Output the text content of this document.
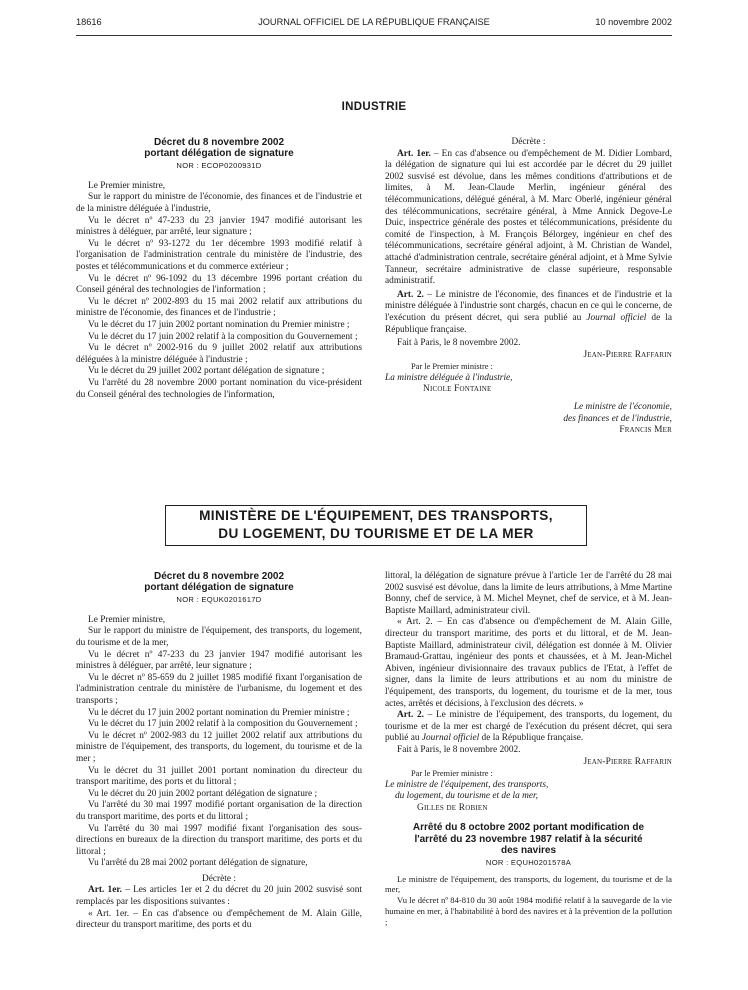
18616	JOURNAL OFFICIEL DE LA RÉPUBLIQUE FRANÇAISE	10 novembre 2002
INDUSTRIE

Décret du 8 novembre 2002
portant délégation de signature

NOR : ECOP0200931D

Le Premier ministre,

Sur le rapport du ministre de l'économie, des finances et de l'industrie et de la ministre déléguée à l'industrie,

Vu le décret nº 47-233 du 23 janvier 1947 modifié autorisant les ministres à déléguer, par arrêté, leur signature ;

Vu le décret nº 93-1272 du 1er décembre 1993 modifié relatif à l'organisation de l'administration centrale du ministère de l'industrie, des postes et télécommunications et du commerce extérieur ;

Vu le décret nº 96-1092 du 13 décembre 1996 portant création du Conseil général des technologies de l'information ;

Vu le décret nº 2002-893 du 15 mai 2002 relatif aux attributions du ministre de l'économie, des finances et de l'industrie ;

Vu le décret du 17 juin 2002 portant nomination du Premier ministre ;

Vu le décret du 17 juin 2002 relatif à la composition du Gouvernement ;

Vu le décret nº 2002-916 du 9 juillet 2002 relatif aux attributions déléguées à la ministre déléguée à l'industrie ;

Vu le décret du 29 juillet 2002 portant délégation de signature ;

Vu l'arrêté du 28 novembre 2000 portant nomination du vice-président du Conseil général des technologies de l'information,

Décrète :

Art. 1er. – En cas d'absence ou d'empêchement de M. Didier Lombard, la délégation de signature qui lui est accordée par le décret du 29 juillet 2002 susvisé est dévolue, dans les mêmes conditions d'attributions et de limites, à M. Jean-Claude Merlin, ingénieur général des télécommunications, délégué général, à M. Marc Oberlé, ingénieur général des télécommunications, secrétaire général, à Mme Annick Degove-Le Duic, inspectrice générale des postes et télécommunications, présidente du comité de l'inspection, à M. François Bélorgey, ingénieur en chef des télécommunications, secrétaire général adjoint, à M. Christian de Wandel, attaché d'administration centrale, secrétaire général adjoint, et à Mme Sylvie Tanneur, secrétaire administrative de classe supérieure, responsable administratif.

Art. 2. – Le ministre de l'économie, des finances et de l'industrie et la ministre déléguée à l'industrie sont chargés, chacun en ce qui le concerne, de l'exécution du présent décret, qui sera publié au Journal officiel de la République française.

Fait à Paris, le 8 novembre 2002.

Jean-Pierre Raffarin

Par le Premier ministre :

La ministre déléguée à l'industrie,

Nicole Fontaine

Le ministre de l'économie,

des finances et de l'industrie,

Francis Mer

MINISTÈRE DE L'ÉQUIPEMENT, DES TRANSPORTS,
DU LOGEMENT, DU TOURISME ET DE LA MER

Décret du 8 novembre 2002
portant délégation de signature

NOR : EQUK0201617D

Le Premier ministre,

Sur le rapport du ministre de l'équipement, des transports, du logement, du tourisme et de la mer,

Vu le décret nº 47-233 du 23 janvier 1947 modifié autorisant les ministres à déléguer, par arrêté, leur signature ;

Vu le décret nº 85-659 du 2 juillet 1985 modifié fixant l'organisation de l'administration centrale du ministère de l'urbanisme, du logement et des transports ;

Vu le décret du 17 juin 2002 portant nomination du Premier ministre ;

Vu le décret du 17 juin 2002 relatif à la composition du Gouvernement ;

Vu le décret nº 2002-983 du 12 juillet 2002 relatif aux attributions du ministre de l'équipement, des transports, du logement, du tourisme et de la mer ;

Vu le décret du 31 juillet 2001 portant nomination du directeur du transport maritime, des ports et du littoral ;

Vu le décret du 20 juin 2002 portant délégation de signature ;

Vu l'arrêté du 30 mai 1997 modifié portant organisation de la direction du transport maritime, des ports et du littoral ;

Vu l'arrêté du 30 mai 1997 modifié fixant l'organisation des sous-directions en bureaux de la direction du transport maritime, des ports et du littoral ;

Vu l'arrêté du 28 mai 2002 portant délégation de signature,

Décrète :

Art. 1er. – Les articles 1er et 2 du décret du 20 juin 2002 susvisé sont remplacés par les dispositions suivantes :

« Art. 1er. – En cas d'absence ou d'empêchement de M. Alain Gille, directeur du transport maritime, des ports et du

littoral, la délégation de signature prévue à l'article 1er de l'arrêté du 28 mai 2002 susvisé est dévolue, dans la limite de leurs attributions, à Mme Martine Bonny, chef de service, à M. Michel Meynet, chef de service, et à M. Jean-Baptiste Maillard, administrateur civil.

« Art. 2. – En cas d'absence ou d'empêchement de M. Alain Gille, directeur du transport maritime, des ports et du littoral, et de M. Jean-Baptiste Maillard, administrateur civil, délégation est donnée à M. Olivier Bramaud-Grattau, ingénieur des ponts et chaussées, et à M. Jean-Michel Abiven, ingénieur divisionnaire des travaux publics de l'Etat, à l'effet de signer, dans la limite de leurs attributions et au nom du ministre de l'équipement, des transports, du logement, du tourisme et de la mer, tous actes, arrêtés et décisions, à l'exclusion des décrets. »

Art. 2. – Le ministre de l'équipement, des transports, du logement, du tourisme et de la mer est chargé de l'exécution du présent décret, qui sera publié au Journal officiel de la République française.

Fait à Paris, le 8 novembre 2002.

Jean-Pierre Raffarin

Par le Premier ministre :

Le ministre de l'équipement, des transports,

du logement, du tourisme et de la mer,

Gilles de Robien

Arrêté du 8 octobre 2002 portant modification de
l'arrêté du 23 novembre 1987 relatif à la sécurité
des navires

NOR : EQUH0201578A

Le ministre de l'équipement, des transports, du logement, du tourisme et de la mer,

Vu le décret nº 84-810 du 30 août 1984 modifié relatif à la sauvegarde de la vie humaine en mer, à l'habitabilité à bord des navires et à la prévention de la pollution ;
